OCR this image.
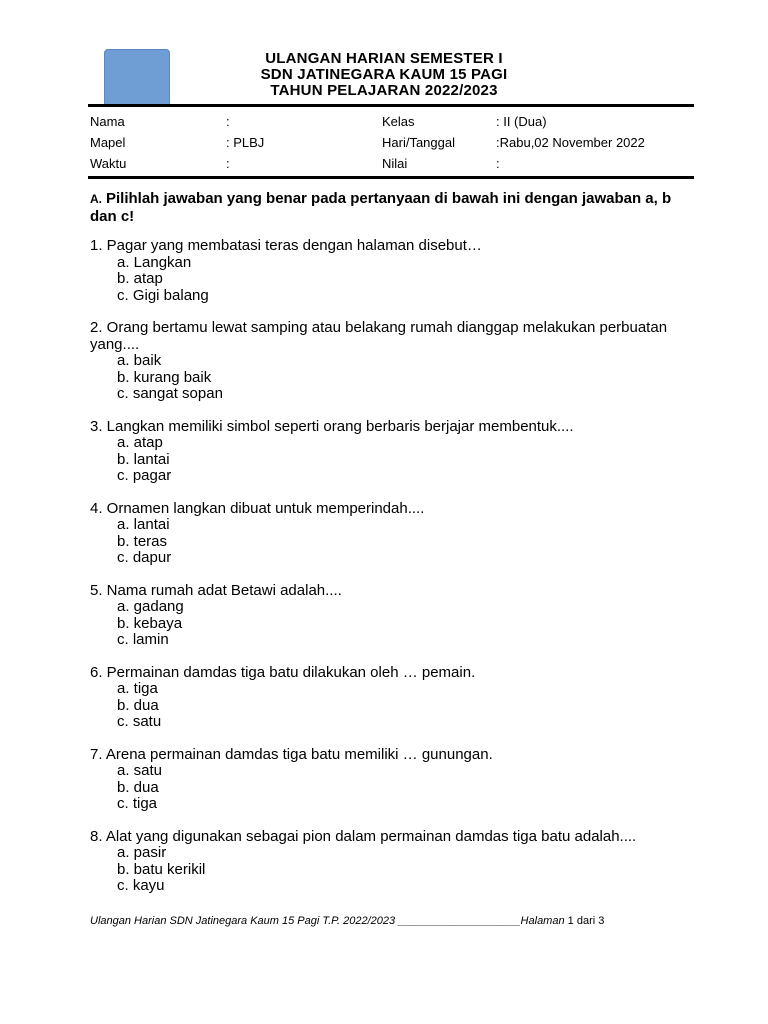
ULANGAN HARIAN SEMESTER I
SDN JATINEGARA KAUM 15 PAGI
TAHUN PELAJARAN 2022/2023
Nama	:	Kelas	: II (Dua)
Mapel	: PLBJ	Hari/Tanggal	:Rabu,02 November 2022
Waktu	:	Nilai	:
A. Pilihlah jawaban yang benar pada pertanyaan di bawah ini dengan jawaban a, b dan c!
1. Pagar yang membatasi teras dengan halaman disebut…
a. Langkan
b. atap
c. Gigi balang
2. Orang bertamu lewat samping atau belakang rumah dianggap melakukan perbuatan yang....
a. baik
b. kurang baik
c. sangat sopan
3. Langkan memiliki simbol seperti orang berbaris berjajar membentuk....
a. atap
b. lantai
c. pagar
4. Ornamen langkan dibuat untuk memperindah....
a. lantai
b. teras
c. dapur
5. Nama rumah adat Betawi adalah....
a. gadang
b. kebaya
c. lamin
6. Permainan damdas tiga batu dilakukan oleh … pemain.
a. tiga
b. dua
c. satu
7. Arena permainan damdas tiga batu memiliki … gunungan.
a. satu
b. dua
c. tiga
8. Alat yang digunakan sebagai pion dalam permainan damdas tiga batu adalah....
a. pasir
b. batu kerikil
c. kayu
Ulangan Harian SDN Jatinegara Kaum 15 Pagi T.P. 2022/2023 ____________________Halaman 1 dari 3
